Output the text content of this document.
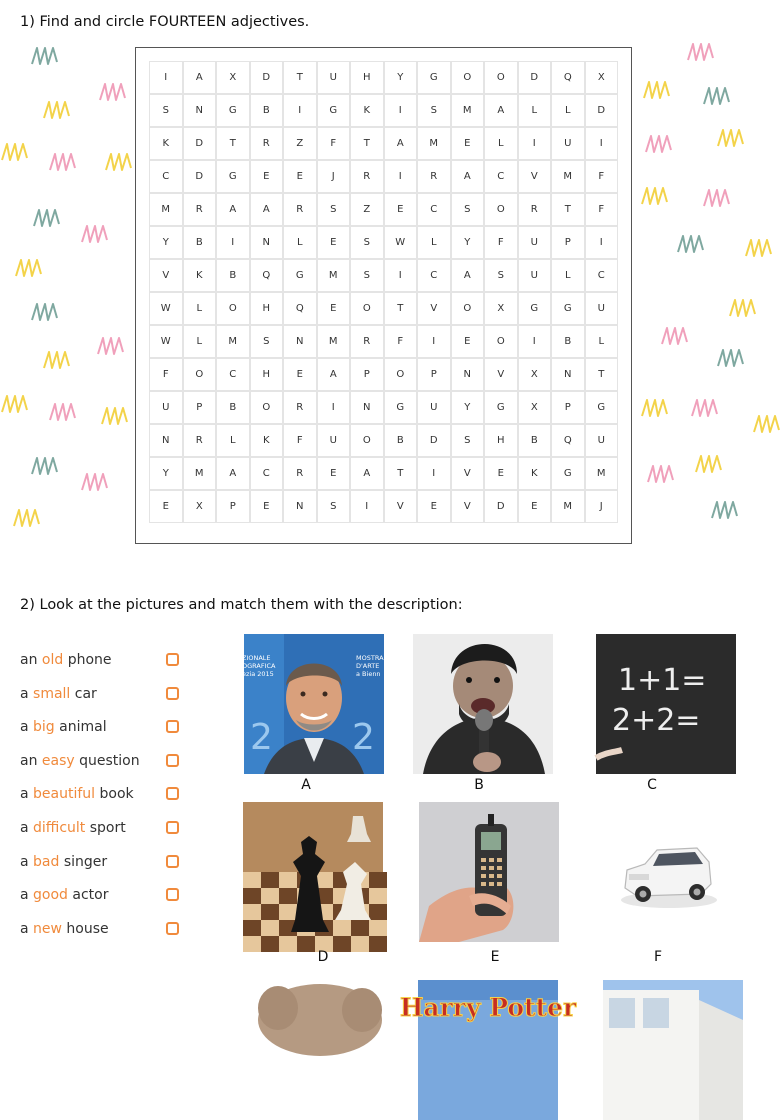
1) Find and circle FOURTEEN adjectives.
I	A	X	D	T	U	H	Y	G	O	O	D	Q	X
S	N	G	B	I	G	K	I	S	M	A	L	L	D
K	D	T	R	Z	F	T	A	M	E	L	I	U	I
C	D	G	E	E	J	R	I	R	A	C	V	M	F
M	R	A	A	R	S	Z	E	C	S	O	R	T	F
Y	B	I	N	L	E	S	W	L	Y	F	U	P	I
V	K	B	Q	G	M	S	I	C	A	S	U	L	C
W	L	O	H	Q	E	O	T	V	O	X	G	G	U
W	L	M	S	N	M	R	F	I	E	O	I	B	L
F	O	C	H	E	A	P	O	P	N	V	X	N	T
U	P	B	O	R	I	N	G	U	Y	G	X	P	G
N	R	L	K	F	U	O	B	D	S	H	B	Q	U
Y	M	A	C	R	E	A	T	I	V	E	K	G	M
E	X	P	E	N	S	I	V	E	V	D	E	M	J
2) Look at the pictures and match them with the description:
an old phone
a small car
a big animal
an easy question
a beautiful book
a difficult sport
a bad singer
a good actor
a new house
ZIONALE
OGRAFICA
ezia 2015
MOSTRA
D'ARTE
a Bienn
2 2
A	B
1+1=
2+2=
C
D	E	F
Harry Potter
